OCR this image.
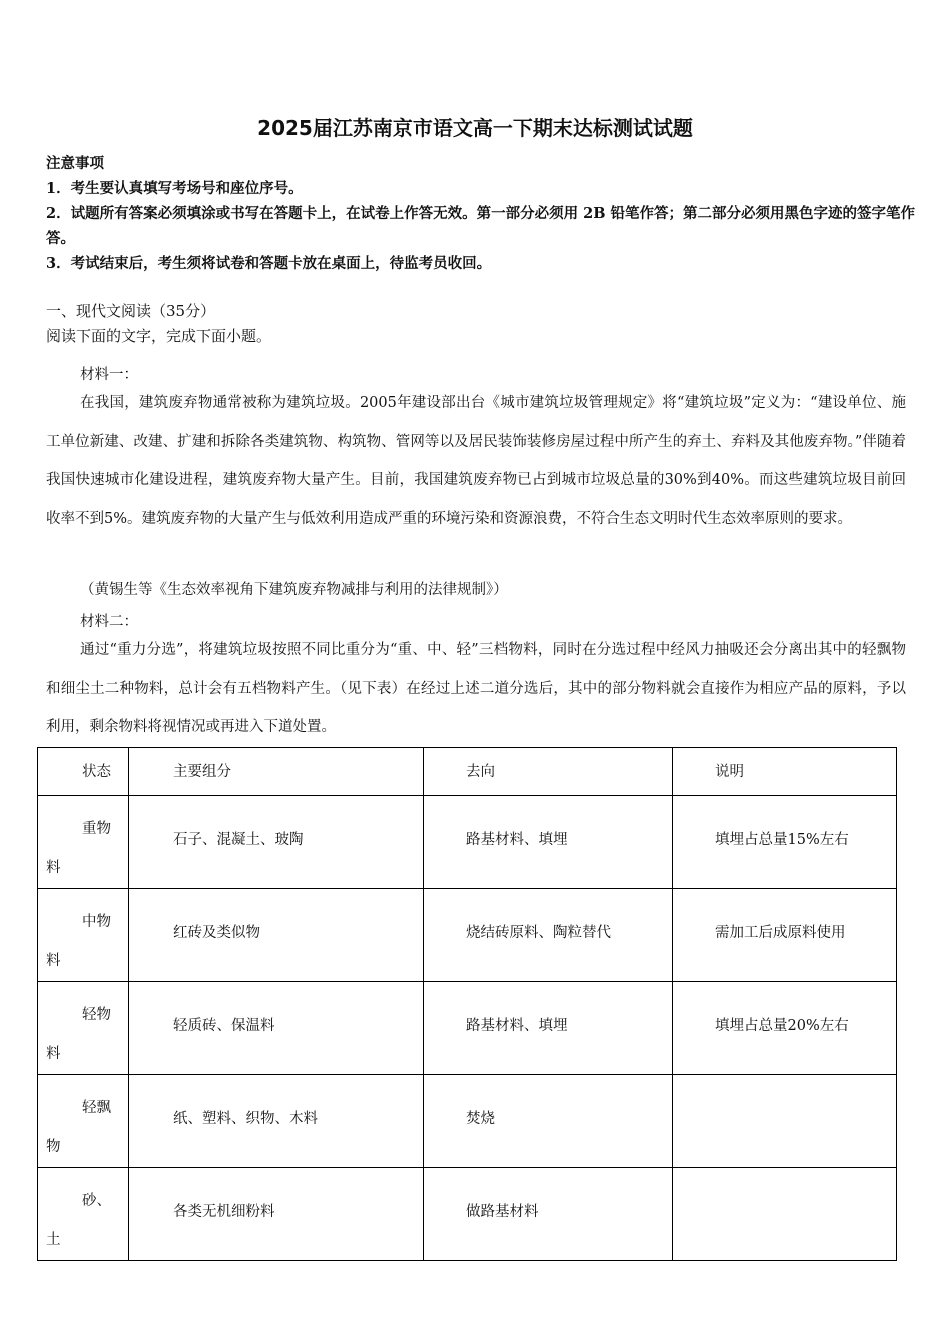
2025届江苏南京市语文高一下期末达标测试试题
注意事项
1．考生要认真填写考场号和座位序号。
2．试题所有答案必须填涂或书写在答题卡上，在试卷上作答无效。第一部分必须用 2B 铅笔作答；第二部分必须用黑色字迹的签字笔作答。
3．考试结束后，考生须将试卷和答题卡放在桌面上，待监考员收回。
一、现代文阅读（35分）
阅读下面的文字，完成下面小题。
材料一：
在我国，建筑废弃物通常被称为建筑垃圾。2005年建设部出台《城市建筑垃圾管理规定》将“建筑垃圾”定义为：“建设单位、施工单位新建、改建、扩建和拆除各类建筑物、构筑物、管网等以及居民装饰装修房屋过程中所产生的弃土、弃料及其他废弃物。”伴随着我国快速城市化建设进程，建筑废弃物大量产生。目前，我国建筑废弃物已占到城市垃圾总量的30%到40%。而这些建筑垃圾目前回收率不到5%。建筑废弃物的大量产生与低效利用造成严重的环境污染和资源浪费，不符合生态文明时代生态效率原则的要求。
（黄锡生等《生态效率视角下建筑废弃物减排与利用的法律规制》）
材料二：
通过“重力分选”，将建筑垃圾按照不同比重分为“重、中、轻”三档物料，同时在分选过程中经风力抽吸还会分离出其中的轻飘物和细尘土二种物料，总计会有五档物料产生。（见下表）在经过上述二道分选后，其中的部分物料就会直接作为相应产品的原料，予以利用，剩余物料将视情况或再进入下道处置。
状态	主要组分	去向	说明

重物
料	石子、混凝土、玻陶	路基材料、填埋	填埋占总量15%左右

中物
料	红砖及类似物	烧结砖原料、陶粒替代	需加工后成原料使用

轻物
料	轻质砖、保温料	路基材料、填埋	填埋占总量20%左右

轻飘
物	纸、塑料、织物、木料	焚烧	

砂、
土	各类无机细粉料	做路基材料	
